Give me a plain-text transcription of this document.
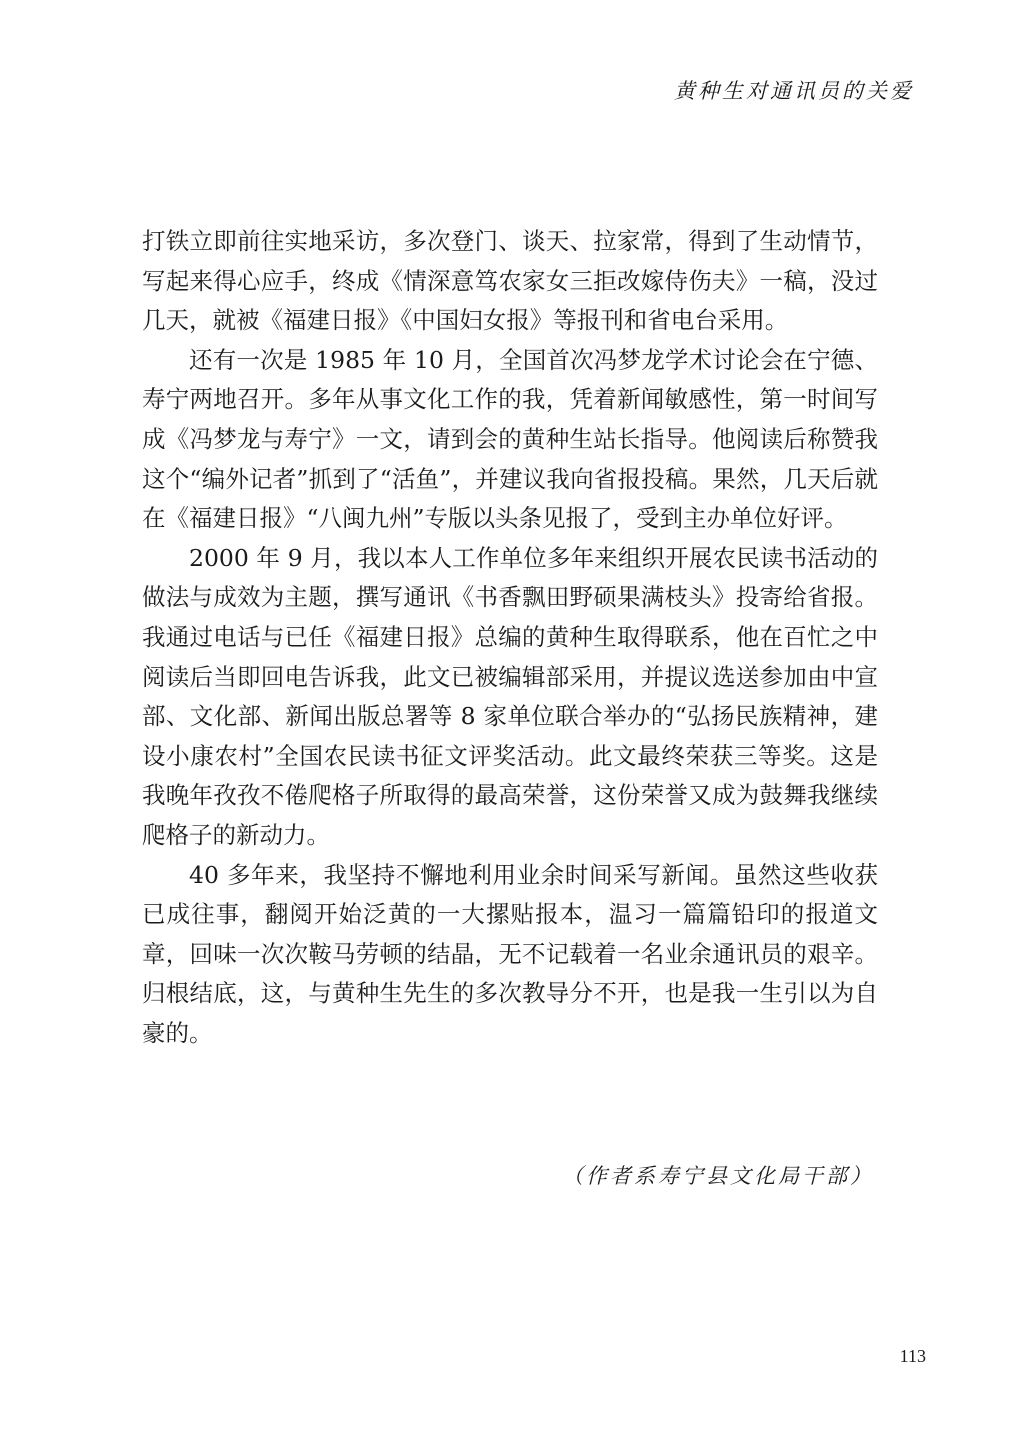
黄种生对通讯员的关爱

打铁立即前往实地采访，多次登门、谈天、拉家常，得到了生动情节，写起来得心应手，终成《情深意笃农家女三拒改嫁侍伤夫》一稿，没过几天，就被《福建日报》《中国妇女报》等报刊和省电台采用。

还有一次是 1985 年 10 月，全国首次冯梦龙学术讨论会在宁德、寿宁两地召开。多年从事文化工作的我，凭着新闻敏感性，第一时间写成《冯梦龙与寿宁》一文，请到会的黄种生站长指导。他阅读后称赞我这个“编外记者”抓到了“活鱼”，并建议我向省报投稿。果然，几天后就在《福建日报》“八闽九州”专版以头条见报了，受到主办单位好评。

2000 年 9 月，我以本人工作单位多年来组织开展农民读书活动的做法与成效为主题，撰写通讯《书香飘田野硕果满枝头》投寄给省报。我通过电话与已任《福建日报》总编的黄种生取得联系，他在百忙之中阅读后当即回电告诉我，此文已被编辑部采用，并提议选送参加由中宣部、文化部、新闻出版总署等 8 家单位联合举办的“弘扬民族精神，建设小康农村”全国农民读书征文评奖活动。此文最终荣获三等奖。这是我晚年孜孜不倦爬格子所取得的最高荣誉，这份荣誉又成为鼓舞我继续爬格子的新动力。

40 多年来，我坚持不懈地利用业余时间采写新闻。虽然这些收获已成往事，翻阅开始泛黄的一大摞贴报本，温习一篇篇铅印的报道文章，回味一次次鞍马劳顿的结晶，无不记载着一名业余通讯员的艰辛。归根结底，这，与黄种生先生的多次教导分不开，也是我一生引以为自豪的。

（作者系寿宁县文化局干部）
113
